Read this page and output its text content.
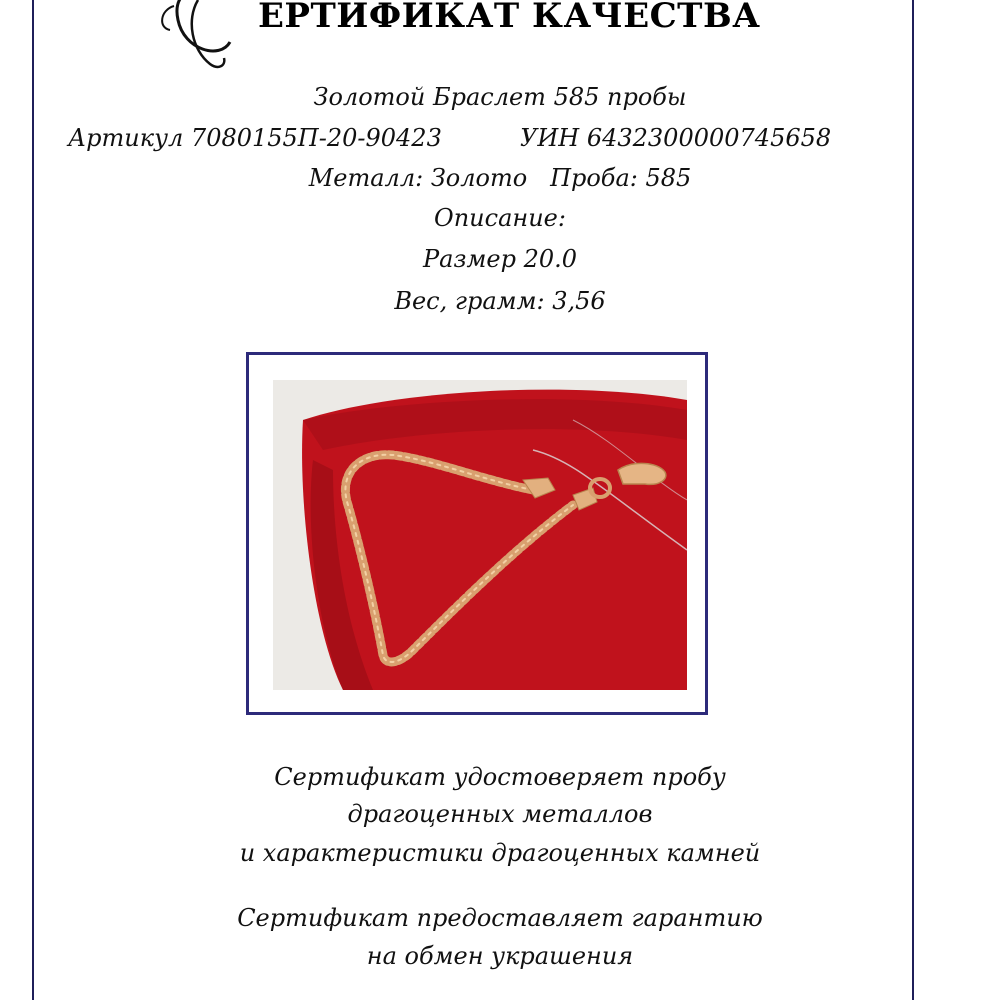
ЕРТИФИКАТ КАЧЕСТВА

Золотой Браслет 585 пробы

Артикул 7080155П-20-90423	УИН 6432300000745658

Металл: Золото Проба: 585

Описание:

Размер 20.0

Вес, грамм: 3,56

Сертификат удостоверяет пробу

драгоценных металлов

и характеристики драгоценных камней

Сертификат предоставляет гарантию

на обмен украшения
